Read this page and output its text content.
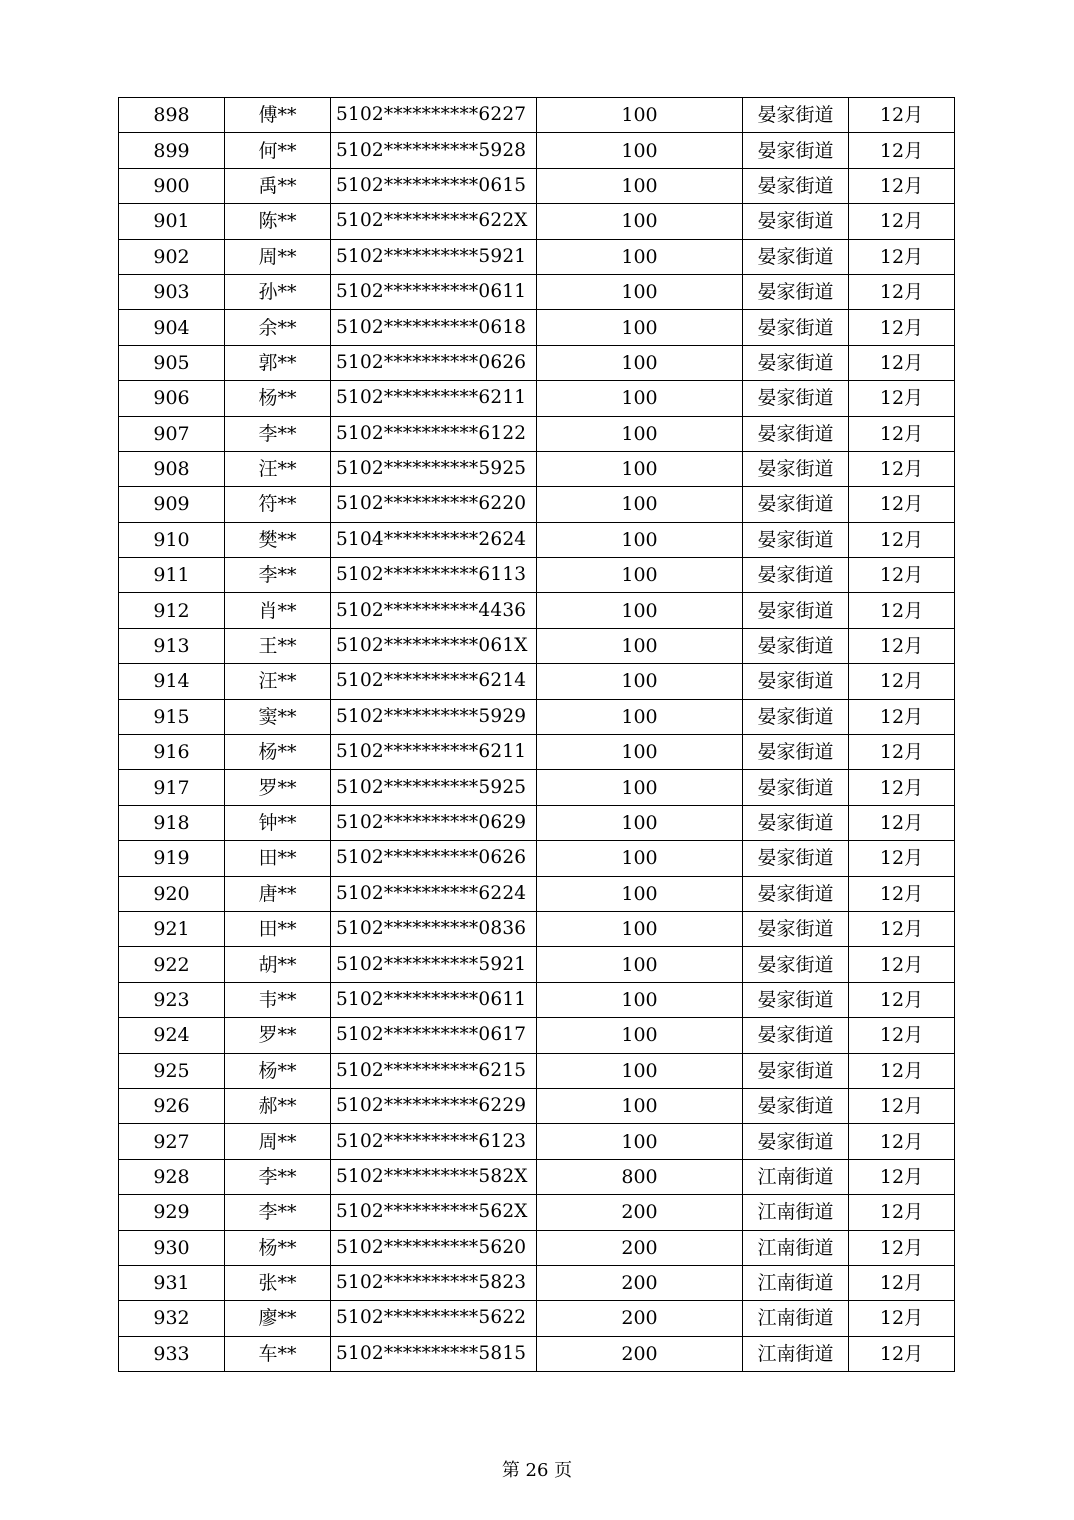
898	傅**	5102**********6227	100	晏家街道	12月
899	何**	5102**********5928	100	晏家街道	12月
900	禹**	5102**********0615	100	晏家街道	12月
901	陈**	5102**********622X	100	晏家街道	12月
902	周**	5102**********5921	100	晏家街道	12月
903	孙**	5102**********0611	100	晏家街道	12月
904	余**	5102**********0618	100	晏家街道	12月
905	郭**	5102**********0626	100	晏家街道	12月
906	杨**	5102**********6211	100	晏家街道	12月
907	李**	5102**********6122	100	晏家街道	12月
908	汪**	5102**********5925	100	晏家街道	12月
909	符**	5102**********6220	100	晏家街道	12月
910	樊**	5104**********2624	100	晏家街道	12月
911	李**	5102**********6113	100	晏家街道	12月
912	肖**	5102**********4436	100	晏家街道	12月
913	王**	5102**********061X	100	晏家街道	12月
914	汪**	5102**********6214	100	晏家街道	12月
915	窦**	5102**********5929	100	晏家街道	12月
916	杨**	5102**********6211	100	晏家街道	12月
917	罗**	5102**********5925	100	晏家街道	12月
918	钟**	5102**********0629	100	晏家街道	12月
919	田**	5102**********0626	100	晏家街道	12月
920	唐**	5102**********6224	100	晏家街道	12月
921	田**	5102**********0836	100	晏家街道	12月
922	胡**	5102**********5921	100	晏家街道	12月
923	韦**	5102**********0611	100	晏家街道	12月
924	罗**	5102**********0617	100	晏家街道	12月
925	杨**	5102**********6215	100	晏家街道	12月
926	郝**	5102**********6229	100	晏家街道	12月
927	周**	5102**********6123	100	晏家街道	12月
928	李**	5102**********582X	800	江南街道	12月
929	李**	5102**********562X	200	江南街道	12月
930	杨**	5102**********5620	200	江南街道	12月
931	张**	5102**********5823	200	江南街道	12月
932	廖**	5102**********5622	200	江南街道	12月
933	车**	5102**********5815	200	江南街道	12月
第 26 页
